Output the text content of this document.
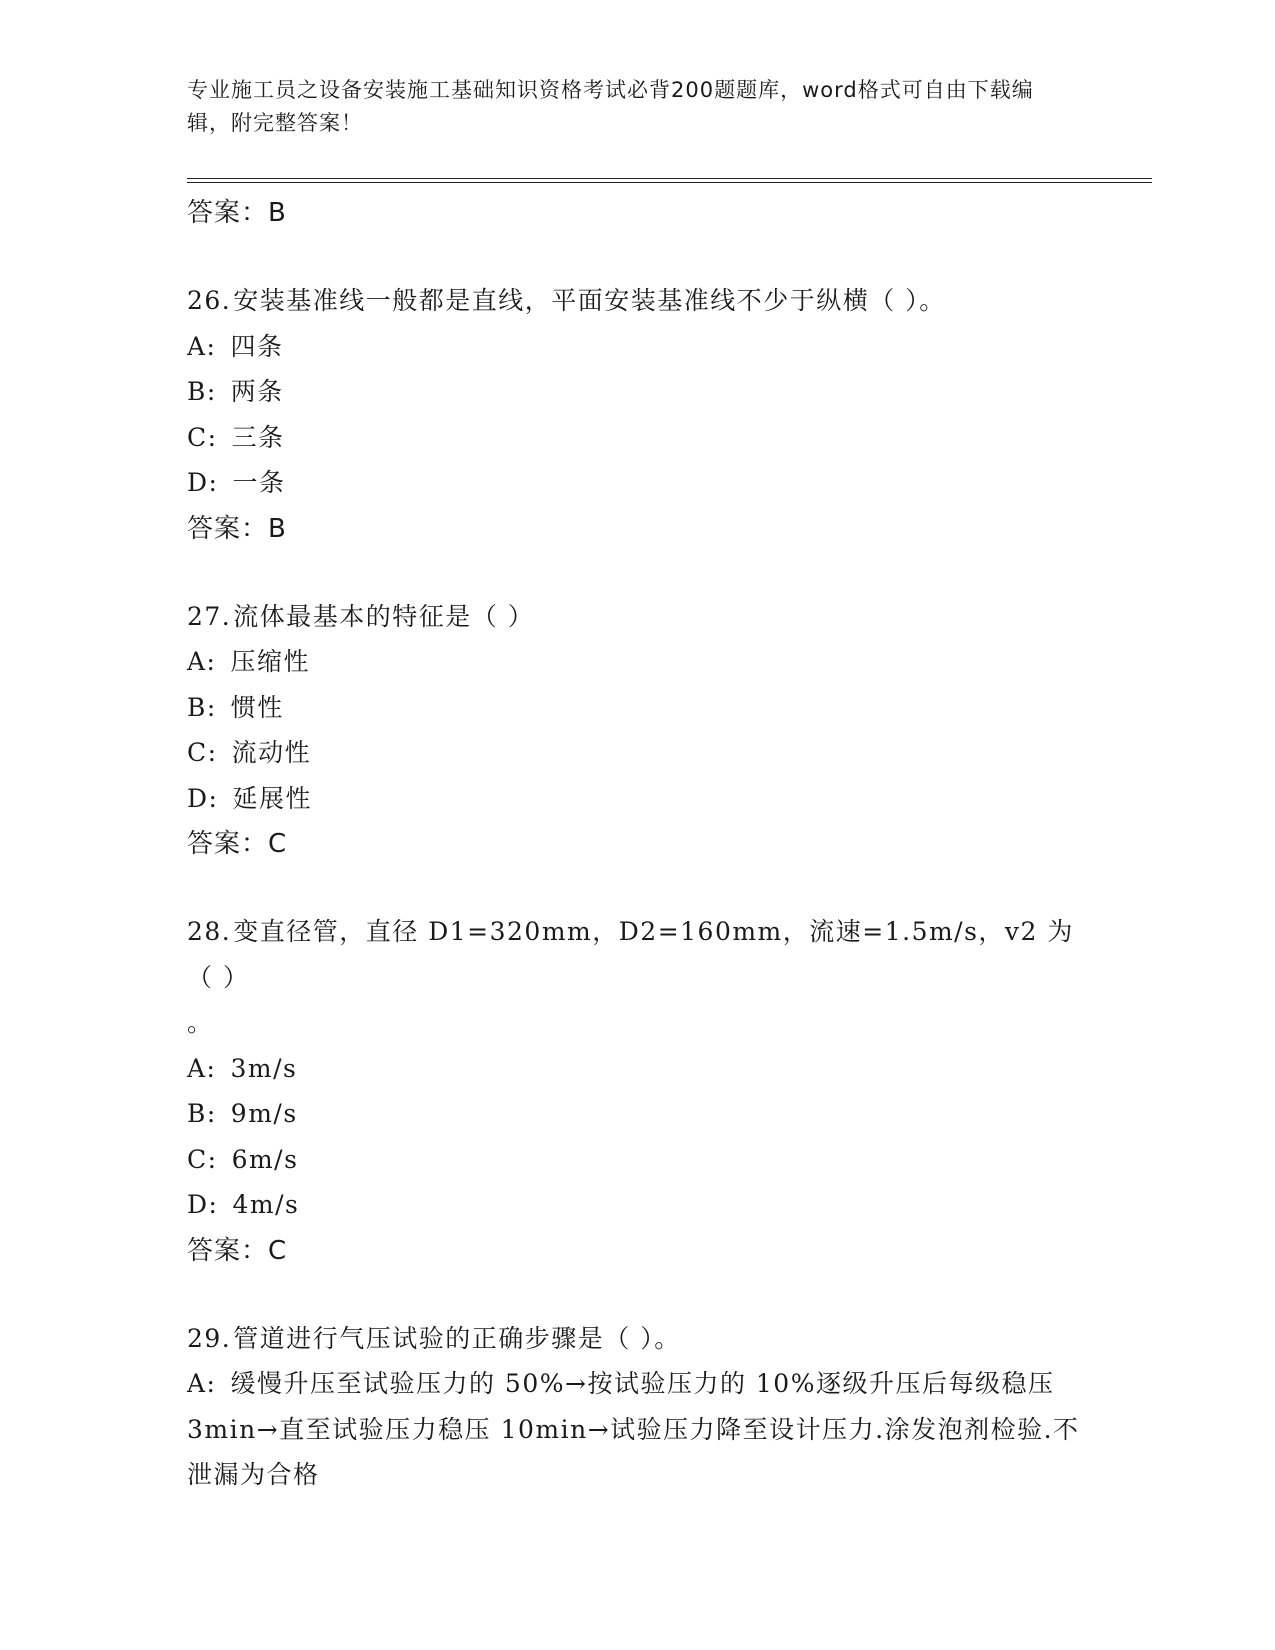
专业施工员之设备安装施工基础知识资格考试必背200题题库，word格式可自由下载编辑，附完整答案！
答案：B
26.安装基准线一般都是直线，平面安装基准线不少于纵横（ ）。
A: 四条
B: 两条
C: 三条
D: 一条
答案：B
27.流体最基本的特征是（ ）
A: 压缩性
B: 惯性
C: 流动性
D: 延展性
答案：C
28.变直径管，直径 D1=320mm，D2=160mm，流速=1.5m/s，v2 为（ ）
。
A: 3m/s
B: 9m/s
C: 6m/s
D: 4m/s
答案：C
29.管道进行气压试验的正确步骤是（ ）。
A: 缓慢升压至试验压力的 50%→按试验压力的 10%逐级升压后每级稳压 3min→直至试验压力稳压 10min→试验压力降至设计压力.涂发泡剂检验.不泄漏为合格
